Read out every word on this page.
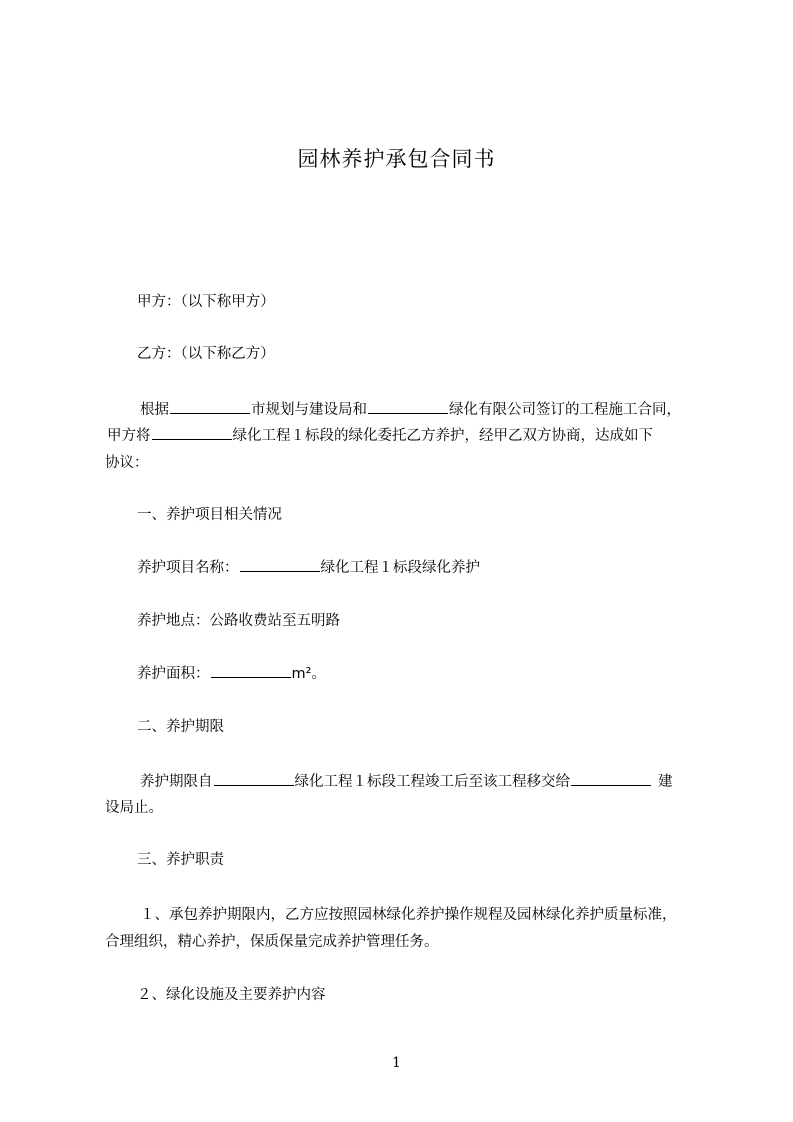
园林养护承包合同书
甲方：（以下称甲方）
乙方：（以下称乙方）
根据	市规划与建设局和	绿化有限公司签订的工程施工合同，
甲方将	绿化工程１标段的绿化委托乙方养护，经甲乙双方协商，达成如下
协议：
一、养护项目相关情况
养护项目名称：	绿化工程１标段绿化养护
养护地点：公路收费站至五明路
养护面积：	m²。
二、养护期限
养护期限自	绿化工程１标段工程竣工后至该工程移交给	建
设局止。
三、养护职责
１、承包养护期限内，乙方应按照园林绿化养护操作规程及园林绿化养护质量标准，
合理组织，精心养护，保质保量完成养护管理任务。
２、绿化设施及主要养护内容
1
